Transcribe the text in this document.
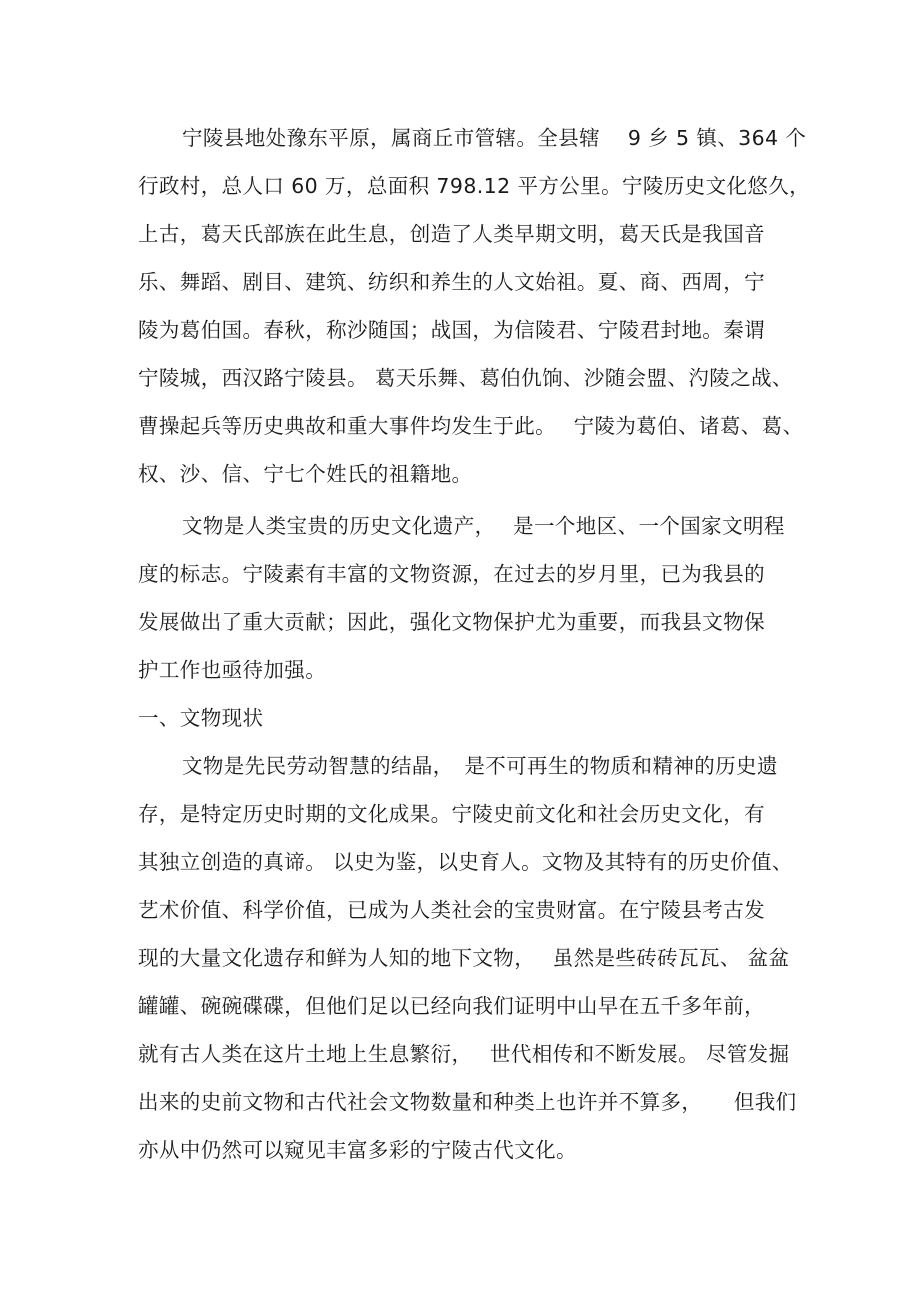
宁陵县地处豫东平原，属商丘市管辖。全县辖　 9 乡 5 镇、364 个
行政村，总人口 60 万，总面积 798.12 平方公里。宁陵历史文化悠久，
上古，葛天氏部族在此生息，创造了人类早期文明，葛天氏是我国音
乐、舞蹈、剧目、建筑、纺织和养生的人文始祖。夏、商、西周，宁
陵为葛伯国。春秋，称沙随国；战国，为信陵君、宁陵君封地。秦谓
宁陵城，西汉路宁陵县。 葛天乐舞、葛伯仇饷、沙随会盟、汋陵之战、
曹操起兵等历史典故和重大事件均发生于此。　 宁陵为葛伯、诸葛、葛、
权、沙、信、宁七个姓氏的祖籍地。
文物是人类宝贵的历史文化遗产，　 是一个地区、一个国家文明程
度的标志。宁陵素有丰富的文物资源，在过去的岁月里，已为我县的
发展做出了重大贡献；因此，强化文物保护尤为重要，而我县文物保
护工作也亟待加强。
一、文物现状
文物是先民劳动智慧的结晶，　是不可再生的物质和精神的历史遗
存，是特定历史时期的文化成果。宁陵史前文化和社会历史文化，有
其独立创造的真谛。 以史为鉴，以史育人。文物及其特有的历史价值、
艺术价值、科学价值，已成为人类社会的宝贵财富。在宁陵县考古发
现的大量文化遗存和鲜为人知的地下文物，　 虽然是些砖砖瓦瓦、 盆盆
罐罐、碗碗碟碟，但他们足以已经向我们证明中山早在五千多年前，
就有古人类在这片土地上生息繁衍，　 世代相传和不断发展。 尽管发掘
出来的史前文物和古代社会文物数量和种类上也许并不算多，　　但我们
亦从中仍然可以窥见丰富多彩的宁陵古代文化。
